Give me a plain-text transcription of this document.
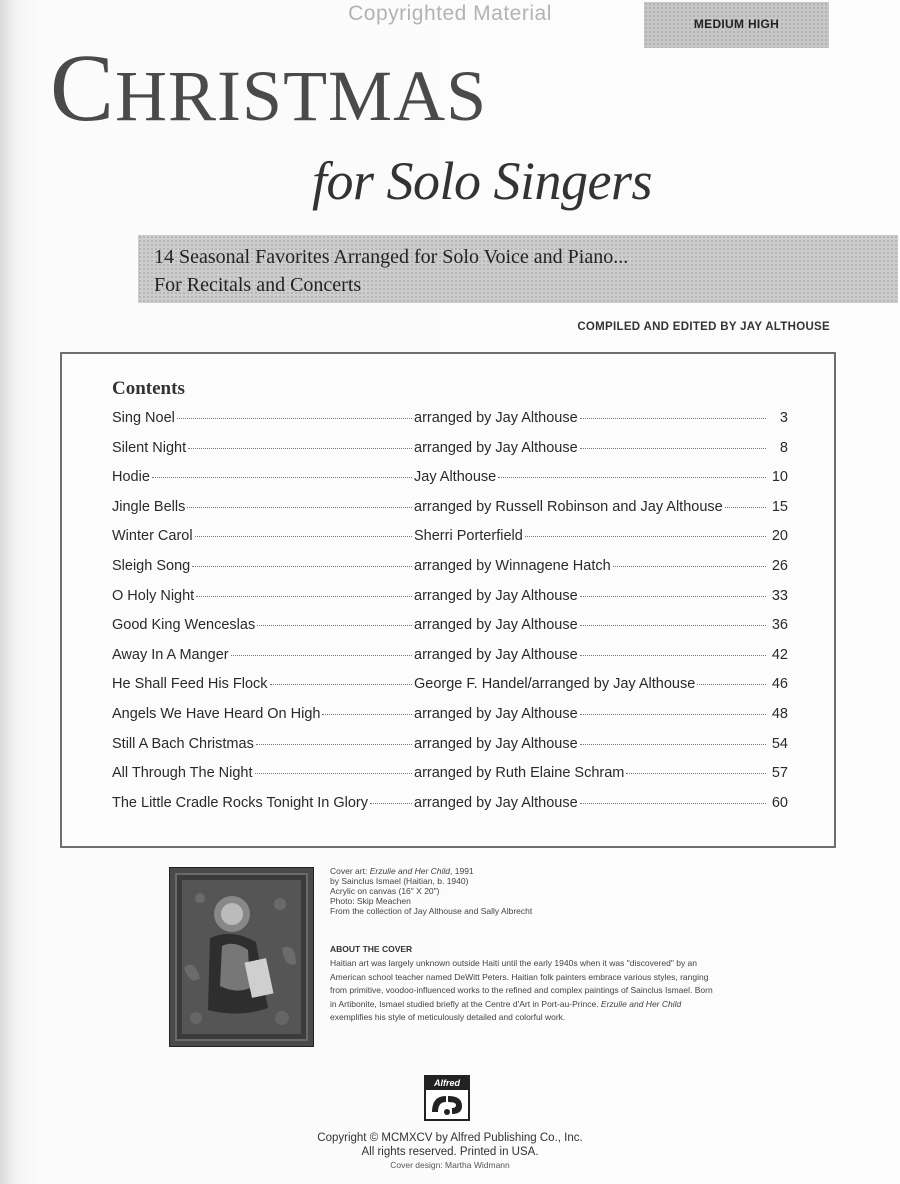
Copyrighted Material	MEDIUM HIGH
CHRISTMAS
for Solo Singers
14 Seasonal Favorites Arranged for Solo Voice and Piano...
For Recitals and Concerts
COMPILED AND EDITED BY JAY ALTHOUSE
Contents
Sing Noel	arranged by Jay Althouse	3
Silent Night	arranged by Jay Althouse	8
Hodie	Jay Althouse	10
Jingle Bells	arranged by Russell Robinson and Jay Althouse	15
Winter Carol	Sherri Porterfield	20
Sleigh Song	arranged by Winnagene Hatch	26
O Holy Night	arranged by Jay Althouse	33
Good King Wenceslas	arranged by Jay Althouse	36
Away In A Manger	arranged by Jay Althouse	42
He Shall Feed His Flock	George F. Handel/arranged by Jay Althouse	46
Angels We Have Heard On High	arranged by Jay Althouse	48
Still A Bach Christmas	arranged by Jay Althouse	54
All Through The Night	arranged by Ruth Elaine Schram	57
The Little Cradle Rocks Tonight In Glory	arranged by Jay Althouse	60
Cover art: Erzulie and Her Child, 1991
by Sainclus Ismael (Haitian, b. 1940)
Acrylic on canvas (16" X 20")
Photo: Skip Meachen
From the collection of Jay Althouse and Sally Albrecht
ABOUT THE COVER
Haitian art was largely unknown outside Haiti until the early 1940s when it was "discovered" by an American school teacher named DeWitt Peters. Haitian folk painters embrace various styles, ranging from primitive, voodoo-influenced works to the refined and complex paintings of Sainclus Ismael. Born in Artibonite, Ismael studied briefly at the Centre d'Art in Port-au-Prince. Erzulie and Her Child exemplifies his style of meticulously detailed and colorful work.
Alfred
Copyright © MCMXCV by Alfred Publishing Co., Inc.
All rights reserved. Printed in USA.
Cover design: Martha Widmann
